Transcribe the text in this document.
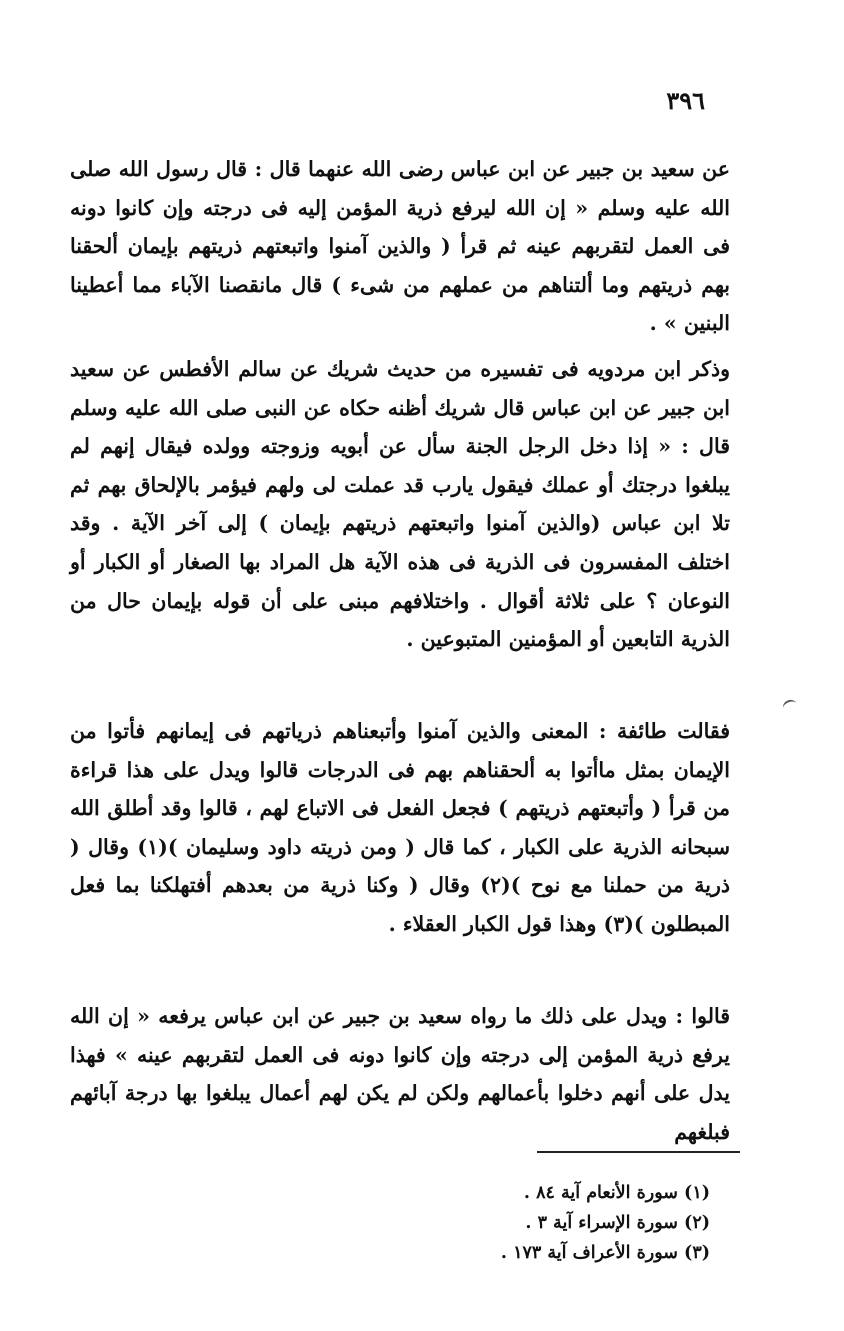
٣٩٦

عن سعيد بن جبير عن ابن عباس رضى الله عنهما قال : قال رسول الله صلى الله عليه وسلم « إن الله ليرفع ذرية المؤمن إليه فى درجته وإن كانوا دونه فى العمل لتقربهم عينه ثم قرأ ( والذين آمنوا واتبعتهم ذريتهم بإيمان ألحقنا بهم ذريتهم وما ألتناهم من عملهم من شىء ) قال مانقصنا الآباء مما أعطينا البنين » .

وذكر ابن مردويه فى تفسيره من حديث شريك عن سالم الأفطس عن سعيد ابن جبير عن ابن عباس قال شريك أظنه حكاه عن النبى صلى الله عليه وسلم قال : « إذا دخل الرجل الجنة سأل عن أبويه وزوجته وولده فيقال إنهم لم يبلغوا درجتك أو عملك فيقول يارب قد عملت لى ولهم فيؤمر بالإلحاق بهم ثم تلا ابن عباس (والذين آمنوا واتبعتهم ذريتهم بإيمان ) إلى آخر الآية . وقد اختلف المفسرون فى الذرية فى هذه الآية هل المراد بها الصغار أو الكبار أو النوعان ؟ على ثلاثة أقوال . واختلافهم مبنى على أن قوله بإيمان حال من الذرية التابعين أو المؤمنين المتبوعين .

فقالت طائفة : المعنى والذين آمنوا وأتبعناهم ذرياتهم فى إيمانهم فأتوا من الإيمان بمثل ماأتوا به ألحقناهم بهم فى الدرجات قالوا ويدل على هذا قراءة من قرأ ( وأتبعتهم ذريتهم ) فجعل الفعل فى الاتباع لهم ، قالوا وقد أطلق الله سبحانه الذرية على الكبار ، كما قال ( ومن ذريته داود وسليمان )(١) وقال ( ذرية من حملنا مع نوح )(٢) وقال ( وكنا ذرية من بعدهم أفتهلكنا بما فعل المبطلون )(٣) وهذا قول الكبار العقلاء .

قالوا : ويدل على ذلك ما رواه سعيد بن جبير عن ابن عباس يرفعه « إن الله يرفع ذرية المؤمن إلى درجته وإن كانوا دونه فى العمل لتقربهم عينه » فهذا يدل على أنهم دخلوا بأعمالهم ولكن لم يكن لهم أعمال يبلغوا بها درجة آبائهم فبلغهم

(١) سورة الأنعام آية ٨٤ .
(٢) سورة الإسراء آية ٣ .
(٣) سورة الأعراف آية ١٧٣ .
